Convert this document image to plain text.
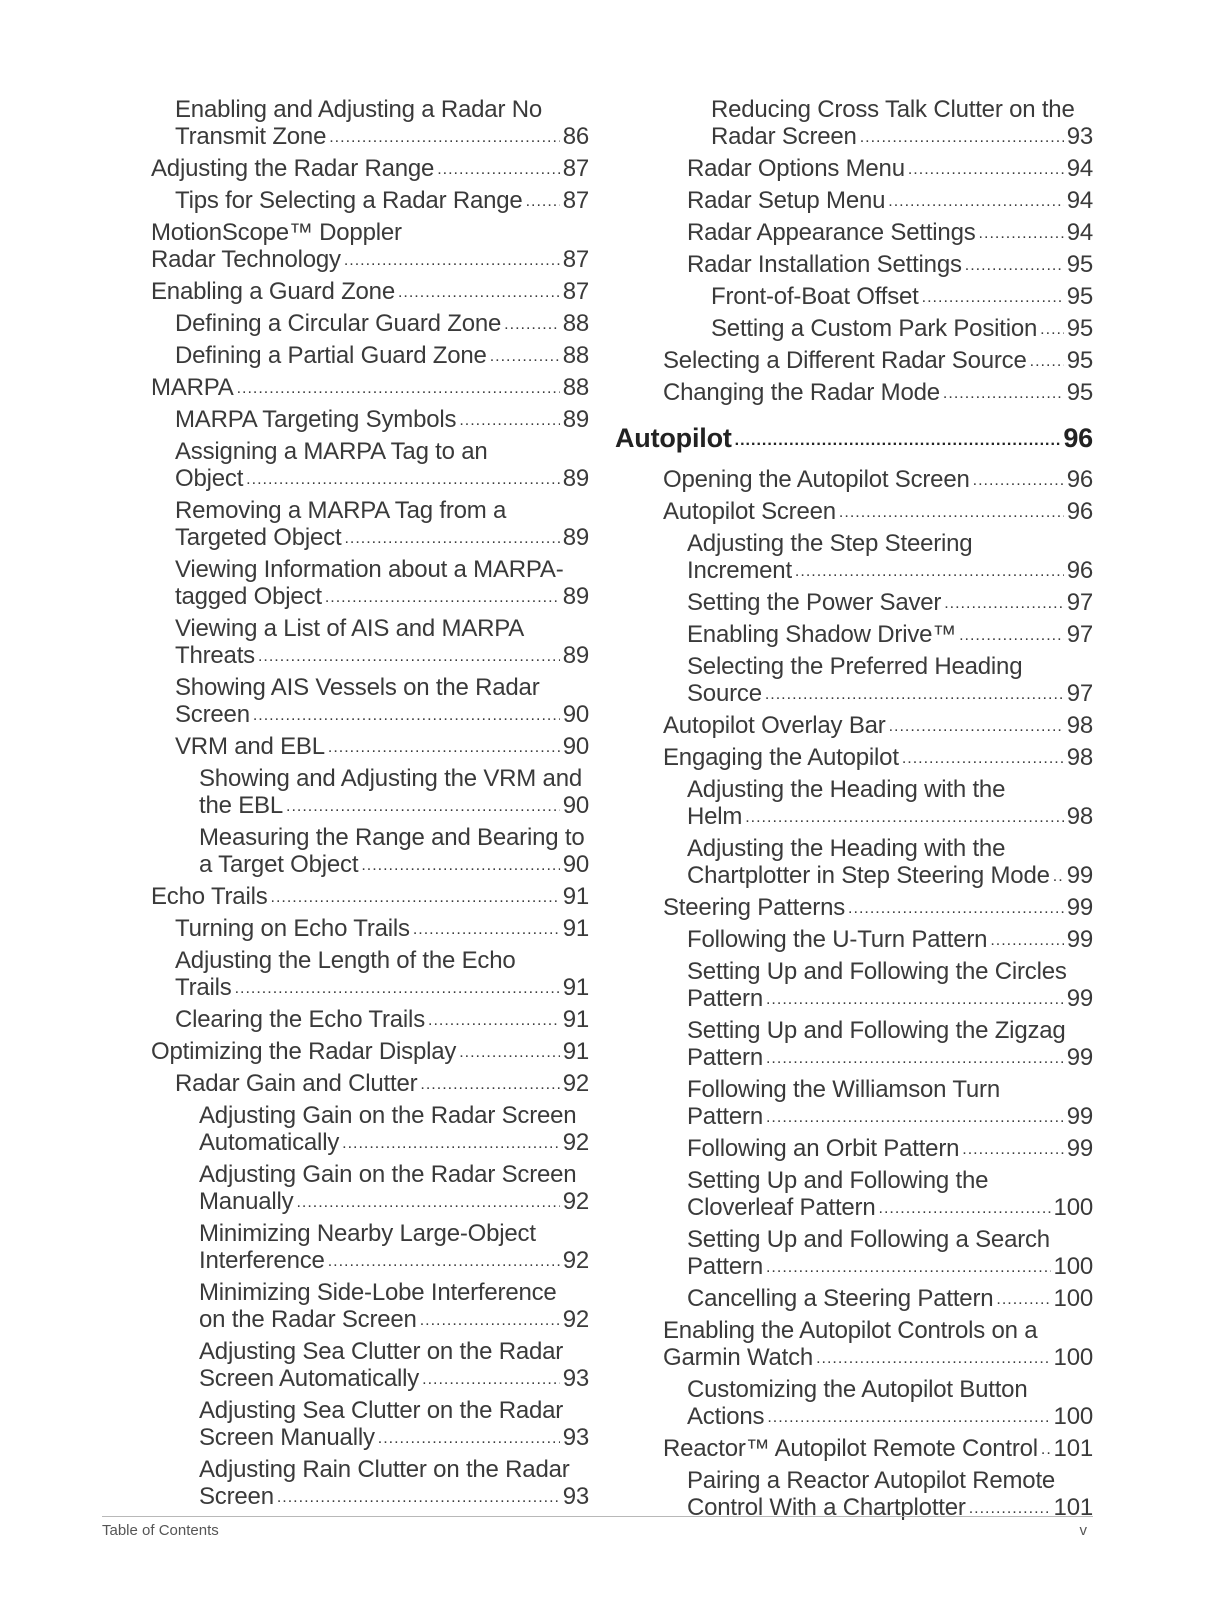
Enabling and Adjusting a Radar No
Transmit Zone .....	86
Adjusting the Radar Range .....	87
Tips for Selecting a Radar Range ..... 87
MotionScope™ Doppler
Radar Technology .....	87
Enabling a Guard Zone .....	87
Defining a Circular Guard Zone .....	88
Defining a Partial Guard Zone .....	88
MARPA .....	88
MARPA Targeting Symbols .....	89
Assigning a MARPA Tag to an
Object .....	89
Removing a MARPA Tag from a
Targeted Object .....	89
Viewing Information about a MARPA-
tagged Object .....	89
Viewing a List of AIS and MARPA
Threats .....	89
Showing AIS Vessels on the Radar
Screen .....	90
VRM and EBL .....	90
Showing and Adjusting the VRM and
the EBL .....	90
Measuring the Range and Bearing to
a Target Object .....	90
Echo Trails .....	91
Turning on Echo Trails .....	91
Adjusting the Length of the Echo
Trails .....	91
Clearing the Echo Trails .....	91
Optimizing the Radar Display .....	91
Radar Gain and Clutter .....	92
Adjusting Gain on the Radar Screen
Automatically .....	92
Adjusting Gain on the Radar Screen
Manually .....	92
Minimizing Nearby Large-Object
Interference .....	92
Minimizing Side-Lobe Interference
on the Radar Screen .....	92
Adjusting Sea Clutter on the Radar
Screen Automatically .....	93
Adjusting Sea Clutter on the Radar
Screen Manually .....	93
Adjusting Rain Clutter on the Radar
Screen .....	93
Reducing Cross Talk Clutter on the
Radar Screen .....	93
Radar Options Menu .....	94
Radar Setup Menu .....	94
Radar Appearance Settings .....	94
Radar Installation Settings .....	95
Front-of-Boat Offset .....	95
Setting a Custom Park Position ..... 95
Selecting a Different Radar Source ..... 95
Changing the Radar Mode .....	95
Autopilot .....	96
Opening the Autopilot Screen .....	96
Autopilot Screen .....	96
Adjusting the Step Steering
Increment .....	96
Setting the Power Saver .....	97
Enabling Shadow Drive™ .....	97
Selecting the Preferred Heading
Source .....	97
Autopilot Overlay Bar .....	98
Engaging the Autopilot .....	98
Adjusting the Heading with the
Helm .....	98
Adjusting the Heading with the
Chartplotter in Step Steering Mode ..... 99
Steering Patterns .....	99
Following the U-Turn Pattern .....	99
Setting Up and Following the Circles
Pattern .....	99
Setting Up and Following the Zigzag
Pattern .....	99
Following the Williamson Turn
Pattern .....	99
Following an Orbit Pattern .....	99
Setting Up and Following the
Cloverleaf Pattern .....	100
Setting Up and Following a Search
Pattern .....	100
Cancelling a Steering Pattern .....	100
Enabling the Autopilot Controls on a
Garmin Watch .....	100
Customizing the Autopilot Button
Actions .....	100
Reactor™ Autopilot Remote Control ..... 101
Pairing a Reactor Autopilot Remote
Control With a Chartplotter .....	101
Table of Contents	v
